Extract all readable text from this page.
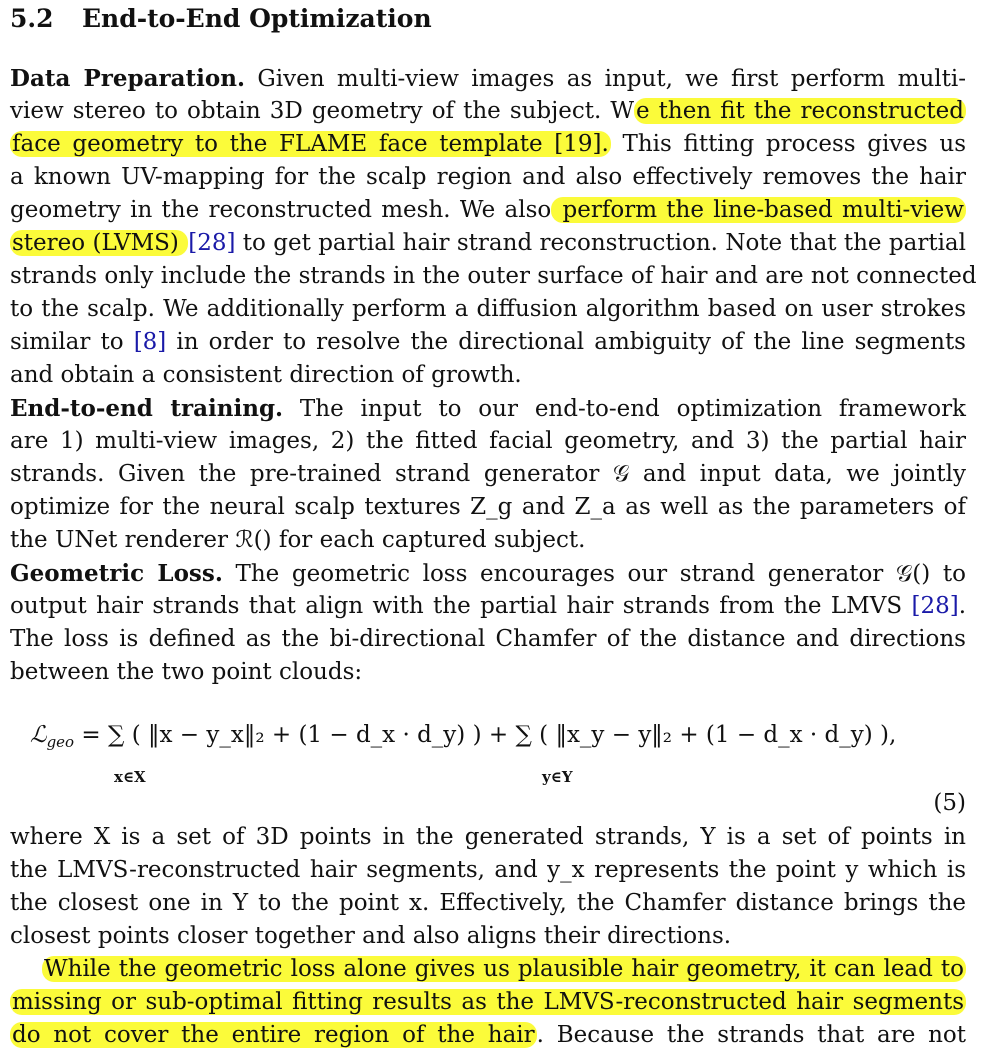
5.2 End-to-End Optimization
Data Preparation. Given multi-view images as input, we first perform multi-
view stereo to obtain 3D geometry of the subject. We then fit the reconstructed
face geometry to the FLAME face template [19]. This fitting process gives us
a known UV-mapping for the scalp region and also effectively removes the hair
geometry in the reconstructed mesh. We also perform the line-based multi-view
stereo (LVMS) [28] to get partial hair strand reconstruction. Note that the partial
strands only include the strands in the outer surface of hair and are not connected
to the scalp. We additionally perform a diffusion algorithm based on user strokes
similar to [8] in order to resolve the directional ambiguity of the line segments
and obtain a consistent direction of growth.
End-to-end training. The input to our end-to-end optimization framework
are 1) multi-view images, 2) the fitted facial geometry, and 3) the partial hair
strands. Given the pre-trained strand generator 𝒢 and input data, we jointly
optimize for the neural scalp textures Z_g and Z_a as well as the parameters of
the UNet renderer ℛ() for each captured subject.
Geometric Loss. The geometric loss encourages our strand generator 𝒢() to
output hair strands that align with the partial hair strands from the LMVS [28].
The loss is defined as the bi-directional Chamfer of the distance and directions
between the two point clouds:
ℒ$_{geo}$ = ∑ ( ‖x − y_x‖₂ + (1 − d_x · d_y) ) + ∑ ( ‖x_y − y‖₂ + (1 − d_x · d_y) ),
x∈X	y∈Y
(5)
where X is a set of 3D points in the generated strands, Y is a set of points in
the LMVS-reconstructed hair segments, and y_x represents the point y which is
the closest one in Y to the point x. Effectively, the Chamfer distance brings the
closest points closer together and also aligns their directions.
While the geometric loss alone gives us plausible hair geometry, it can lead to
missing or sub-optimal fitting results as the LMVS-reconstructed hair segments
do not cover the entire region of the hair. Because the strands that are not
